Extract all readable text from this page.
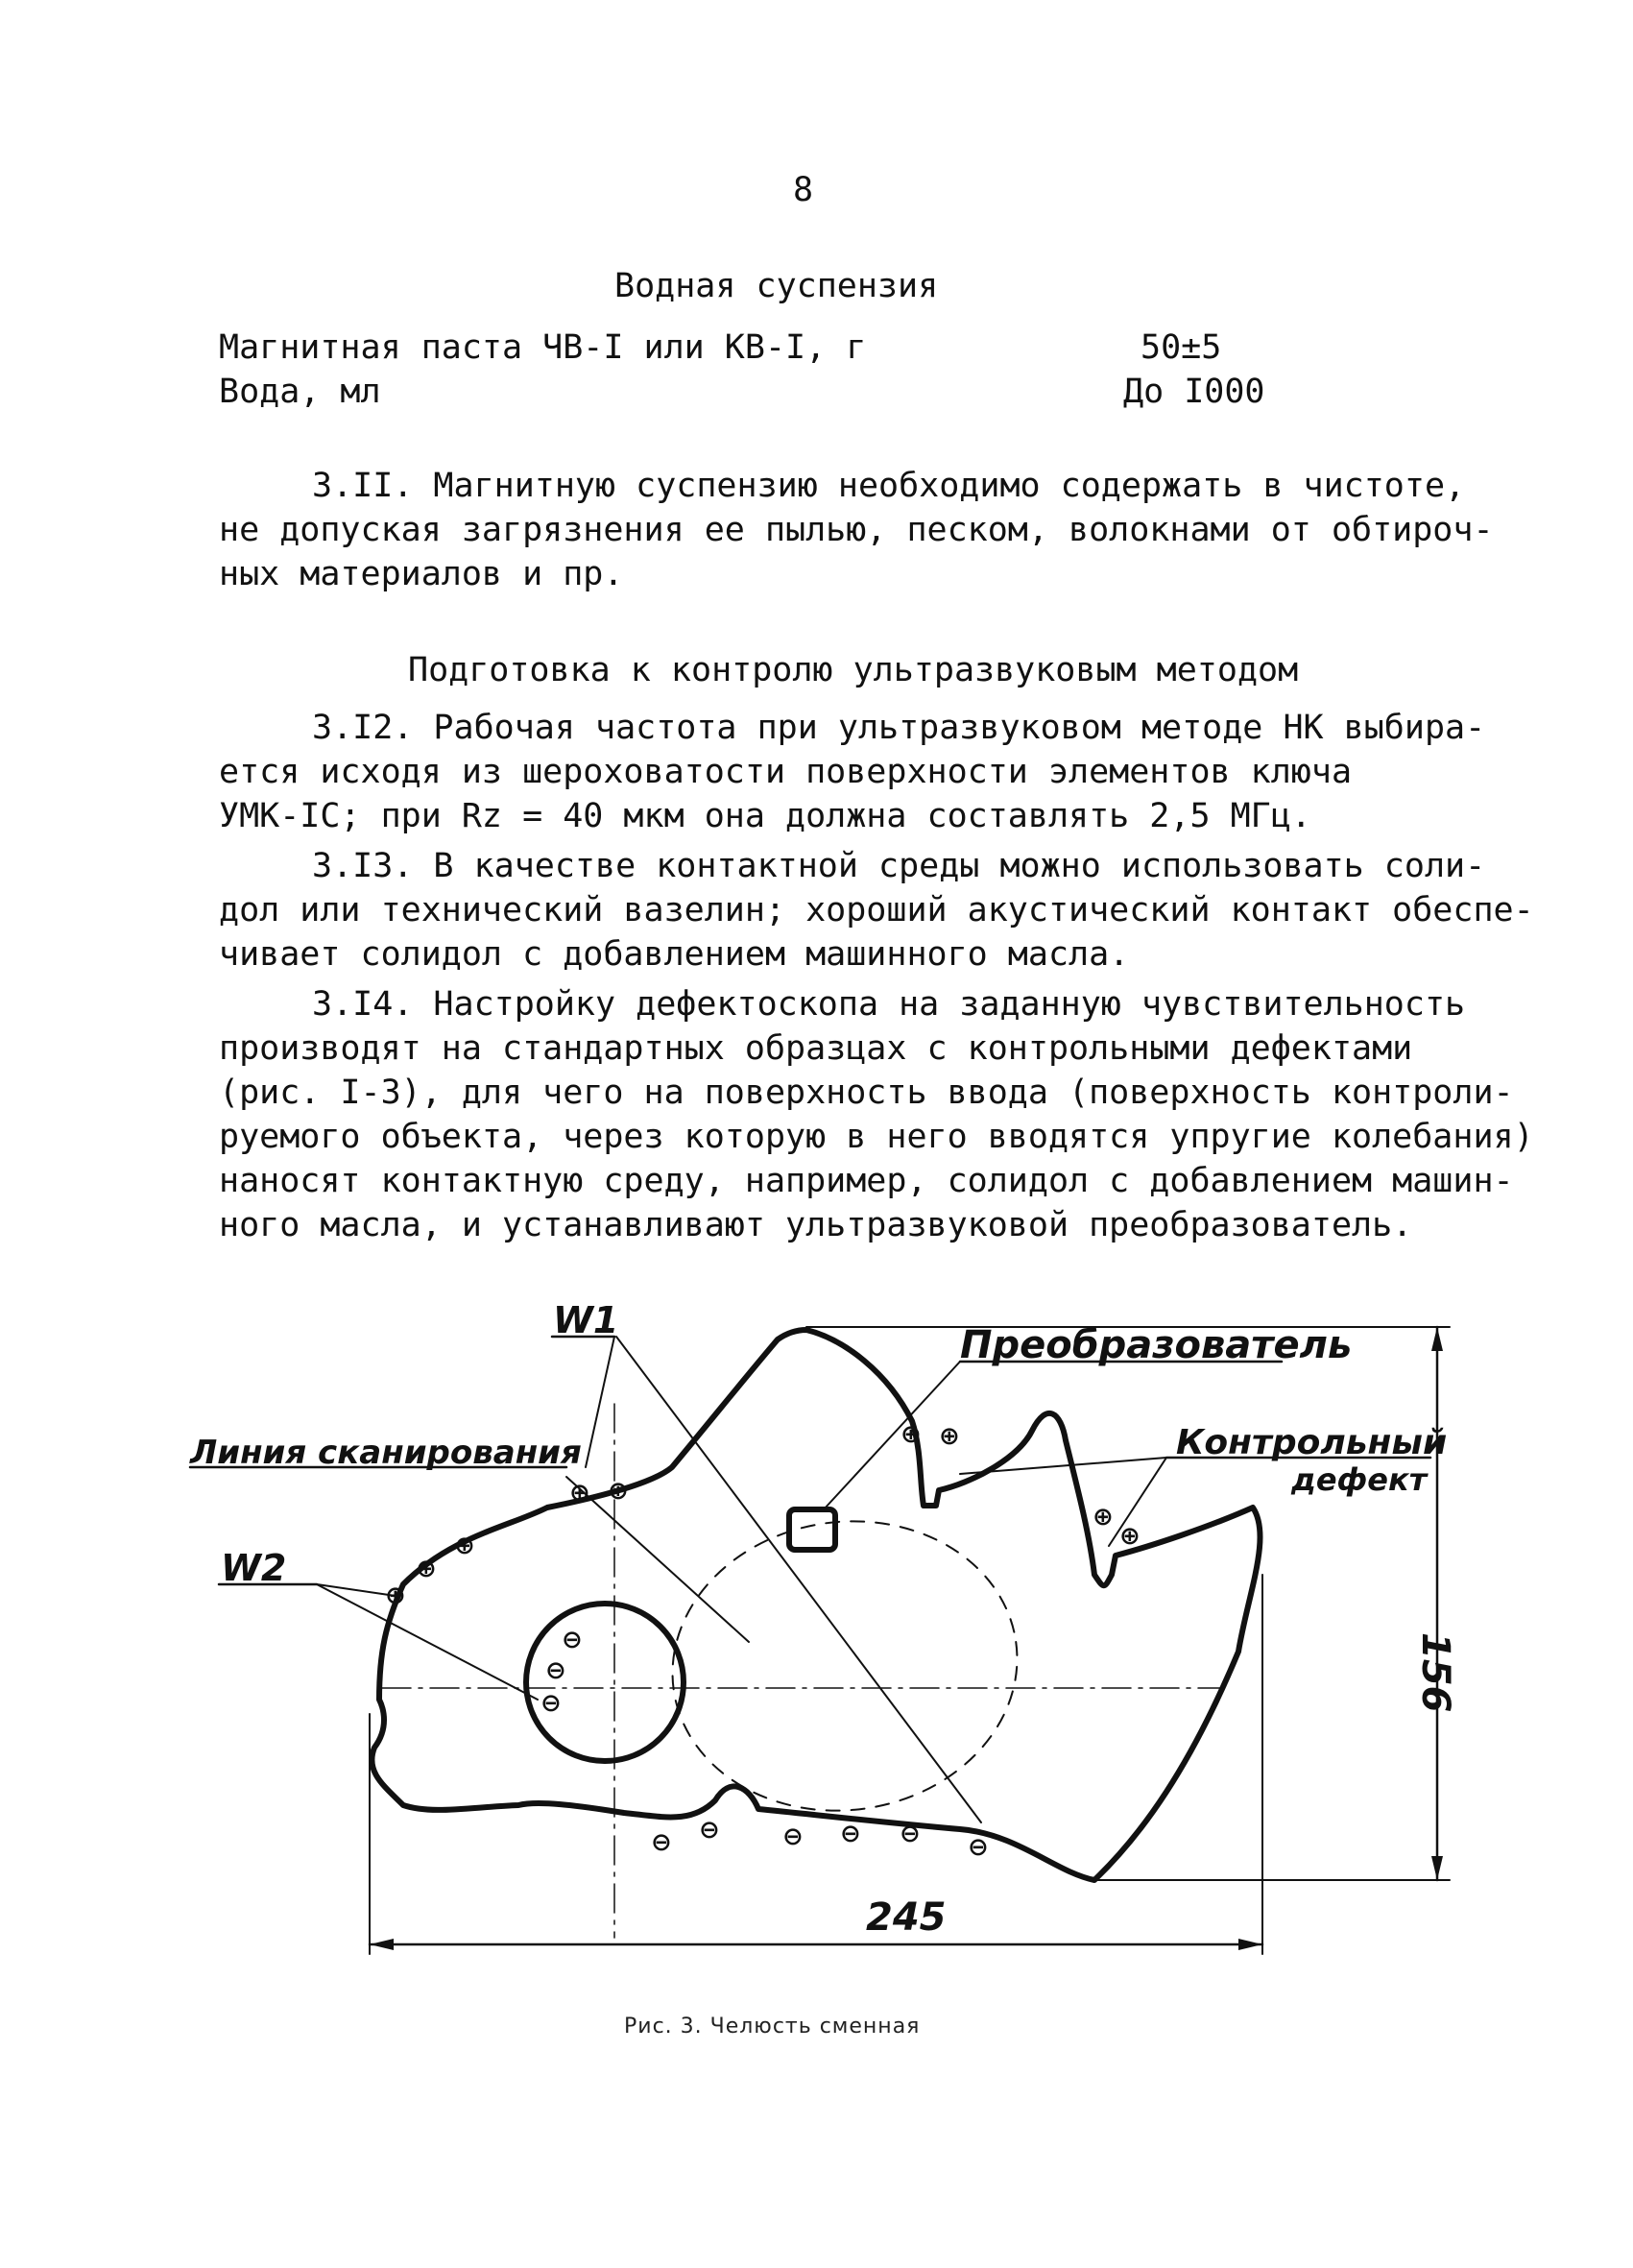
8
Водная суспензия
Магнитная паста ЧВ-I или КВ-I, г	50±5
Вода, мл	До I000
3.II. Магнитную суспензию необходимо содержать в чистоте,
не допуская загрязнения ее пылью, песком, волокнами от обтироч-
ных материалов и пр.
Подготовка к контролю ультразвуковым методом
3.I2. Рабочая частота при ультразвуковом методе НК выбира-
ется исходя из шероховатости поверхности элементов ключа
УМК-IC; при Rz = 40 мкм она должна составлять 2,5 МГц.
3.I3. В качестве контактной среды можно использовать соли-
дол или технический вазелин; хороший акустический контакт обеспе-
чивает солидол с добавлением машинного масла.
3.I4. Настройку дефектоскопа на заданную чувствительность
производят на стандартных образцах с контрольными дефектами
(рис. I-3), для чего на поверхность ввода (поверхность контроли-
руемого объекта, через которую в него вводятся упругие колебания)
наносят контактную среду, например, солидол с добавлением машин-
ного масла, и устанавливают ультразвуковой преобразователь.
⊕ ⊕
⊕
⊕
⊕
⊕ ⊕
⊕
⊕
⊖
⊖
⊖
⊖ ⊖	⊖ ⊖ ⊖ ⊖
W1
W2
Линия сканирования
Преобразователь
Контрольный
дефект
245
156
Рис. 3. Челюсть сменная
